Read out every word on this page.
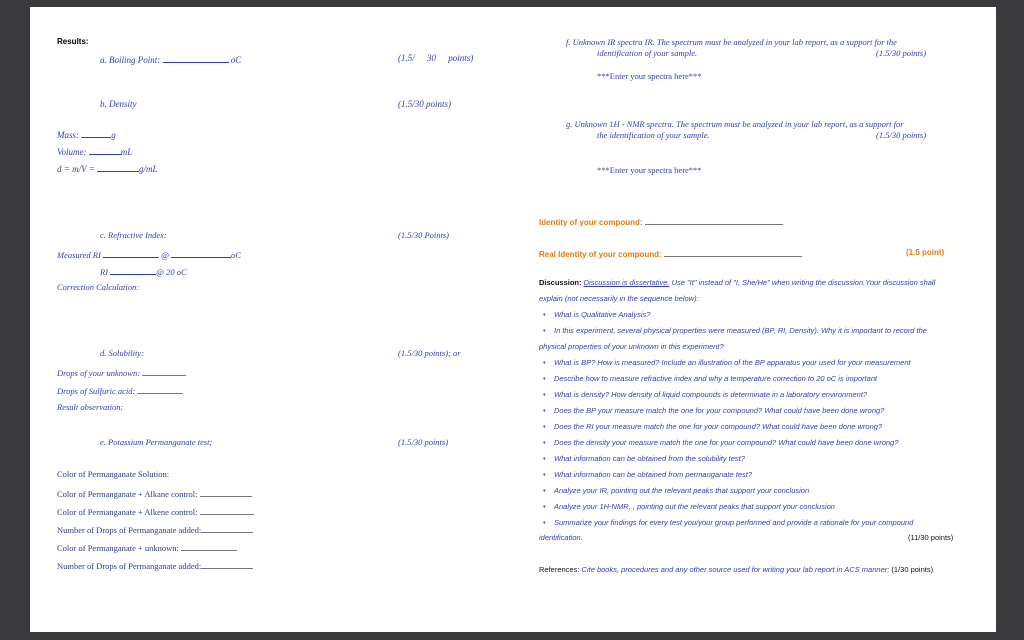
Results:
a. Boiling Point:	oC	(1.5/ 30 points)
b. Density	(1.5/30 points)
Mass:	g
Volume:	mL
d = m/V =	g/mL
c. Refractive Index:	(1.5/30 Points)
Measured RI	@	oC
RI	@ 20 oC
Correction Calculation:
d. Solubility:	(1.5/30 points); or
Drops of your unknown:
Drops of Sulfuric acid:
Result observation:
e. Potassium Permanganate test;	(1.5/30 points)
Color of Permanganate Solution:
Color of Permanganate + Alkane control:
Color of Permanganate + Alkene control:
Number of Drops of Permanganate added:
Color of Permanganate + unknown:
Number of Drops of Permanganate added:
f. Unknown IR spectra IR. The spectrum must be analyzed in your lab report, as a support for the
identification of your sample.	(1.5/30 points)
***Enter your spectra here***
g. Unknown 1H - NMR spectra. The spectrum must be analyzed in your lab report, as a support for
the identification of your sample.	(1.5/30 points)
***Enter your spectra here***
Identity of your compound:
Real Identity of your compound:	(1.5 point)
Discussion: Discussion is dissertative. Use "It" instead of "I, She/He" when writing the discussion.Your discussion shall
explain (not necessarily in the sequence below):
• What is Qualitative Analysis?
• In this experiment, several physical properties were measured (BP, RI, Density). Why it is important to record the
physical properties of your unknown in this experiment?
• What is BP? How is measured? Include an illustration of the BP apparatus your used for your measurement
• Describe how to measure refractive index and why a temperature correction to 20 oC is important
• What is density? How density of liquid compounds is determinate in a laboratory environment?
• Does the BP your measure match the one for your compound? What could have been done wrong?
• Does the RI your measure match the one for your compound? What could have been done wrong?
• Does the density your measure match the one for your compound? What could have been done wrong?
• What information can be obtained from the solubility test?
• What information can be obtained from permanganate test?
• Analyze your IR, pointing out the relevant peaks that support your conclusion
• Analyze your 1H-NMR, , pointing out the relevant peaks that support your conclusion
• Summarize your findings for every test you/your group performed and provide a rationale for your compound
identification.	(11/30 points)
References: Cite books, procedures and any other source used for writing your lab report in ACS manner; (1/30 points)
